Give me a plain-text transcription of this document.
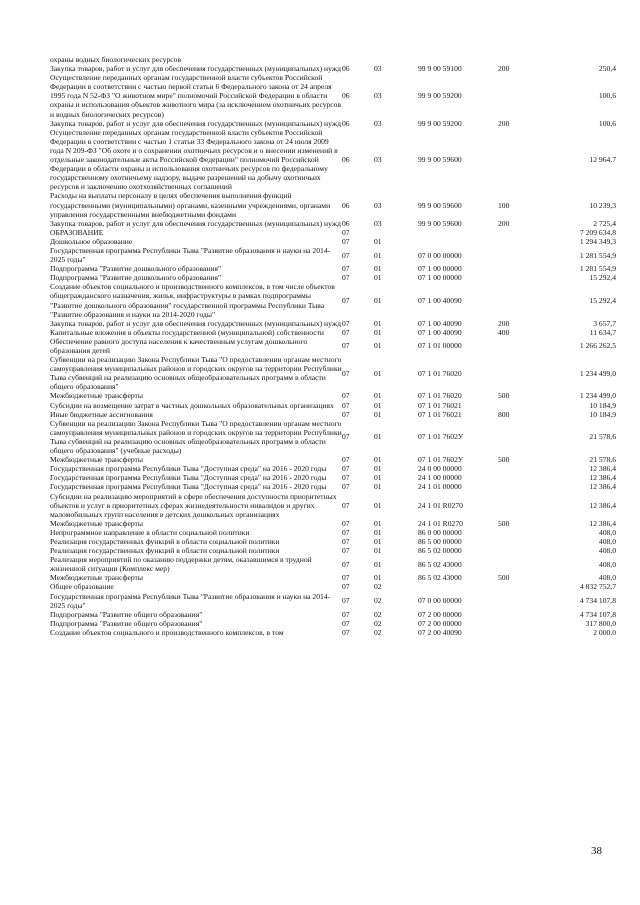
охраны водных биологических ресурсов					
Закупка товаров, работ и услуг для обеспечения государственных (муниципальных) нужд	06	03	99 9 00 59100	200	250,4
Осуществление переданных органам государственной власти субъектов Российской Федерации в соответствии с частью первой статьи 6 Федерального закона от 24 апреля 1995 года N 52-ФЗ "О животном мире" полномочий Российской Федерации в области охраны и использования объектов животного мира (за исключением охотничьих ресурсов и водных биологических ресурсов)	06	03	99 9 00 59200		100,6
Закупка товаров, работ и услуг для обеспечения государственных (муниципальных) нужд	06	03	99 9 00 59200	200	100,6
Осуществление переданных органам государственной власти субъектов Российской Федерации в соответствии с частью 1 статьи 33 Федерального закона от 24 июля 2009 года N 209-ФЗ "Об охоте и о сохранении охотничьих ресурсов и о внесении изменений в отдельные законодательные акты Российской Федерации" полномочий Российской Федерации в области охраны и использования охотничьих ресурсов по федеральному государственному охотничьему надзору, выдаче разрешений на добычу охотничьих ресурсов и заключению охотхозяйственных соглашений	06	03	99 9 00 59600		12 964,7
Расходы на выплаты персоналу в целях обеспечения выполнения функций государственными (муниципальными) органами, казенными учреждениями, органами управления государственными внебюджетными фондами	06	03	99 9 00 59600	100	10 239,3
Закупка товаров, работ и услуг для обеспечения государственных (муниципальных) нужд	06	03	99 9 00 59600	200	2 725,4
ОБРАЗОВАНИЕ	07				7 209 634,8
Дошкольное образование	07	01			1 294 349,3
Государственная программа Республики Тыва "Развитие образования и науки на 2014-2025 годы"	07	01	07 0 00 00000		1 281 554,9
Подпрограмма "Развитие дошкольного образования"	07	01	07 1 00 00000		1 281 554,9
Подпрограмма "Развитие дошкольного образования"	07	01	07 1 00 00000		15 292,4
Создание объектов социального и производственного комплексов, в том числе объектов общегражданского назначения, жилья, инфраструктуры в рамках подпрограммы "Развитие дошкольного образования" государственной программы Республики Тыва "Развитие образования и науки на 2014-2020 годы"	07	01	07 1 00 40090		15 292,4
Закупка товаров, работ и услуг для обеспечения государственных (муниципальных) нужд	07	01	07 1 00 40090	200	3 657,7
Капитальные вложения в объекты государственной (муниципальной) собственности	07	01	07 1 00 40090	400	11 634,7
Обеспечение равного доступа населения к качественным услугам дошкольного образования детей	07	01	07 1 01 00000		1 266 262,5
Субвенции на реализацию Закона Республики Тыва "О предоставлении органам местного самоуправления муниципальных районов и городских округов на территории Республики Тыва субвенций на реализацию основных общеобразовательных программ в области общего образования"	07	01	07 1 01 76020		1 234 499,0
Межбюджетные трансферты	07	01	07 1 01 76020	500	1 234 499,0
Субсидии на возмещение затрат в частных дошкольных образовательных организациях	07	01	07 1 01 76021		10 184,9
Иные бюджетные ассигнования	07	01	07 1 01 76021	800	10 184,9
Субвенции на реализацию Закона Республики Тыва "О предоставлении органам местного самоуправления муниципальных районов и городских округов на территории Республики Тыва субвенций на реализацию основных общеобразовательных программ в области общего образования" (учебные расходы)	07	01	07 1 01 7602У		21 578,6
Межбюджетные трансферты	07	01	07 1 01 7602У	500	21 578,6
Государственная программа Республики Тыва "Доступная среда" на 2016 - 2020 годы	07	01	24 0 00 00000		12 386,4
Государственная программа Республики Тыва "Доступная среда" на 2016 - 2020 годы	07	01	24 1 00 00000		12 386,4
Государственная программа Республики Тыва "Доступная среда" на 2016 - 2020 годы	07	01	24 1 01 00000		12 386,4
Субсидии на реализацию мероприятий в сфере обеспечения доступности приоритетных объектов и услуг в приоритетных сферах жизнедеятельности инвалидов и других маломобильных групп населения в детских дошкольных организациях	07	01	24 1 01 R0270		12 386,4
Межбюджетные трансферты	07	01	24 1 01 R0270	500	12 386,4
Непрограммное направление в области социальной политики	07	01	86 0 00 00000		408,0
Реализация государственных функций в области социальной политики	07	01	86 5 00 00000		408,0
Реализация государственных функций в области социальной политики	07	01	86 5 02 00000		408,0
Реализация мероприятий по оказанию поддержки детям, оказавшимся в трудной жизненной ситуации (Комплекс мер)	07	01	86 5 02 43000		408,0
Межбюджетные трансферты	07	01	86 5 02 43000	500	408,0
Общее образование	07	02			4 832 752,7
Государственная программа Республики Тыва "Развитие образования и науки на 2014-2025 годы"	07	02	07 0 00 00000		4 734 107,8
Подпрограмма "Развитие общего образования"	07	02	07 2 00 00000		4 734 107,8
Подпрограмма "Развитие общего образования"	07	02	07 2 00 00000		317 800,0
Создание объектов социального и производственного комплексов, в том	07	02	07 2 00 40090		2 000,0
38
